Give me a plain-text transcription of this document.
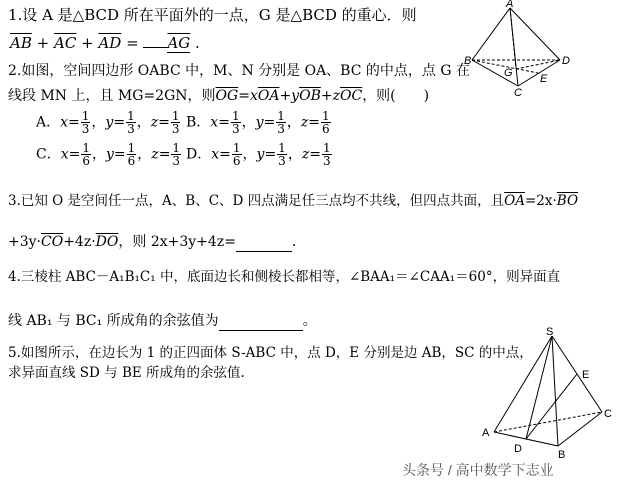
1.设 A 是△BCD 所在平面外的一点，G 是△BCD 的重心．则
$\overline{AB} + \overline{AC} + \overline{AD} = \overline{AG}$ .
A
B	D
C
G E
2.如图，空间四边形 OABC 中，M、N 分别是 OA、BC 的中点，点 G 在
线段 MN 上，且 MG=2GN，则$\overline{OG}=x\overline{OA}+y\overline{OB}+z\overline{OC}$，则(　　)
A．$x= \frac{1}{3}$ ，$y= \frac{1}{3}$ ，$z= \frac{1}{3}$ B．$x= \frac{1}{3}$ ，$y= \frac{1}{3}$ ，$z= \frac{1}{6}$
C．$x= \frac{1}{6}$ ，$y= \frac{1}{6}$ ，$z= \frac{1}{3}$ D．$x= \frac{1}{6}$ ，$y= \frac{1}{3}$ ，$z= \frac{1}{3}$
3.已知 O 是空间任一点，A、B、C、D 四点满足任三点均不共线，但四点共面，且$\overline{OA}=2x\cdot\overline{BO}$
$+3y\cdot\overline{CO}+4z\cdot\overline{DO}$，则 2x+3y+4z=	．
4.三棱柱 ABC－A₁B₁C₁ 中，底面边长和侧棱长都相等，∠BAA₁＝∠CAA₁＝60°，则异面直
线 AB₁ 与 BC₁ 所成角的余弦值为	。
5.如图所示，在边长为 1 的正四面体 S-ABC 中，点 D，E 分别是边 AB，SC 的中点，
求异面直线 SD 与 BE 所成角的余弦值.
S
E
C
A
D	B
头条号 / 高中数学下志业
